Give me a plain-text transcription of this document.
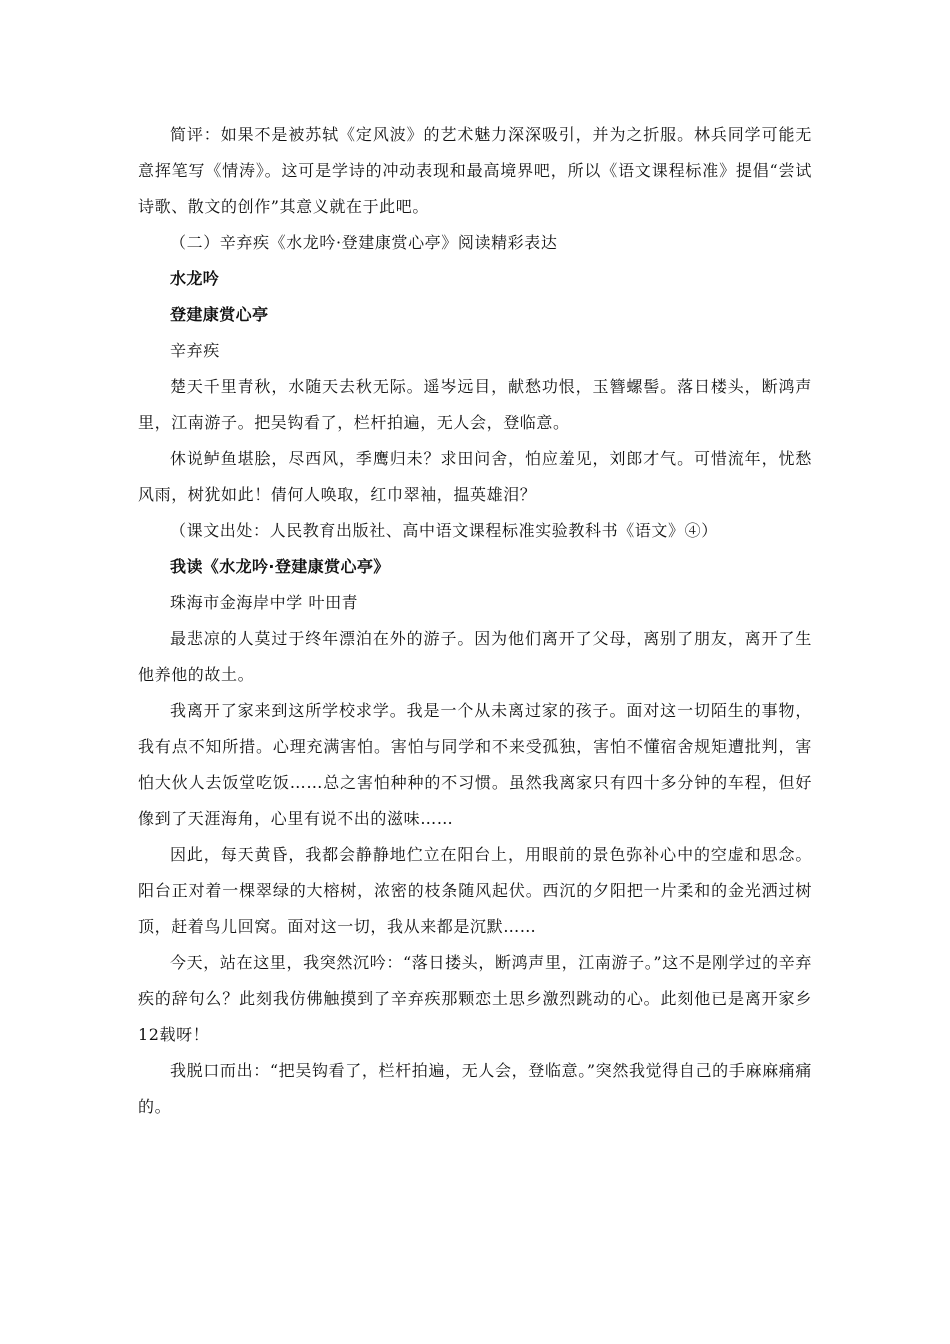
简评：如果不是被苏轼《定风波》的艺术魅力深深吸引，并为之折服。林兵同学可能无意挥笔写《情涛》。这可是学诗的冲动表现和最高境界吧，所以《语文课程标准》提倡“尝试诗歌、散文的创作”其意义就在于此吧。

（二）辛弃疾《水龙吟·登建康赏心亭》阅读精彩表达

水龙吟

登建康赏心亭

辛弃疾

楚天千里青秋，水随天去秋无际。遥岑远目，献愁功恨，玉簪螺髻。落日楼头，断鸿声里，江南游子。把吴钩看了，栏杆拍遍，无人会，登临意。

休说鲈鱼堪脍，尽西风，季鹰归未？求田问舍，怕应羞见，刘郎才气。可惜流年，忧愁风雨，树犹如此！倩何人唤取，红巾翠袖，揾英雄泪？

（课文出处：人民教育出版社、高中语文课程标准实验教科书《语文》④）

我读《水龙吟·登建康赏心亭》

珠海市金海岸中学 叶田青

最悲凉的人莫过于终年漂泊在外的游子。因为他们离开了父母，离别了朋友，离开了生他养他的故土。

我离开了家来到这所学校求学。我是一个从未离过家的孩子。面对这一切陌生的事物，我有点不知所措。心理充满害怕。害怕与同学和不来受孤独，害怕不懂宿舍规矩遭批判，害怕大伙人去饭堂吃饭……总之害怕种种的不习惯。虽然我离家只有四十多分钟的车程，但好像到了天涯海角，心里有说不出的滋味……

因此，每天黄昏，我都会静静地伫立在阳台上，用眼前的景色弥补心中的空虚和思念。阳台正对着一棵翠绿的大榕树，浓密的枝条随风起伏。西沉的夕阳把一片柔和的金光洒过树顶，赶着鸟儿回窝。面对这一切，我从来都是沉默……

今天，站在这里，我突然沉吟：“落日搂头，断鸿声里，江南游子。”这不是刚学过的辛弃疾的辞句么？此刻我仿佛触摸到了辛弃疾那颗恋土思乡激烈跳动的心。此刻他已是离开家乡12载呀！

我脱口而出：“把吴钩看了，栏杆拍遍，无人会，登临意。”突然我觉得自己的手麻麻痛痛的。
